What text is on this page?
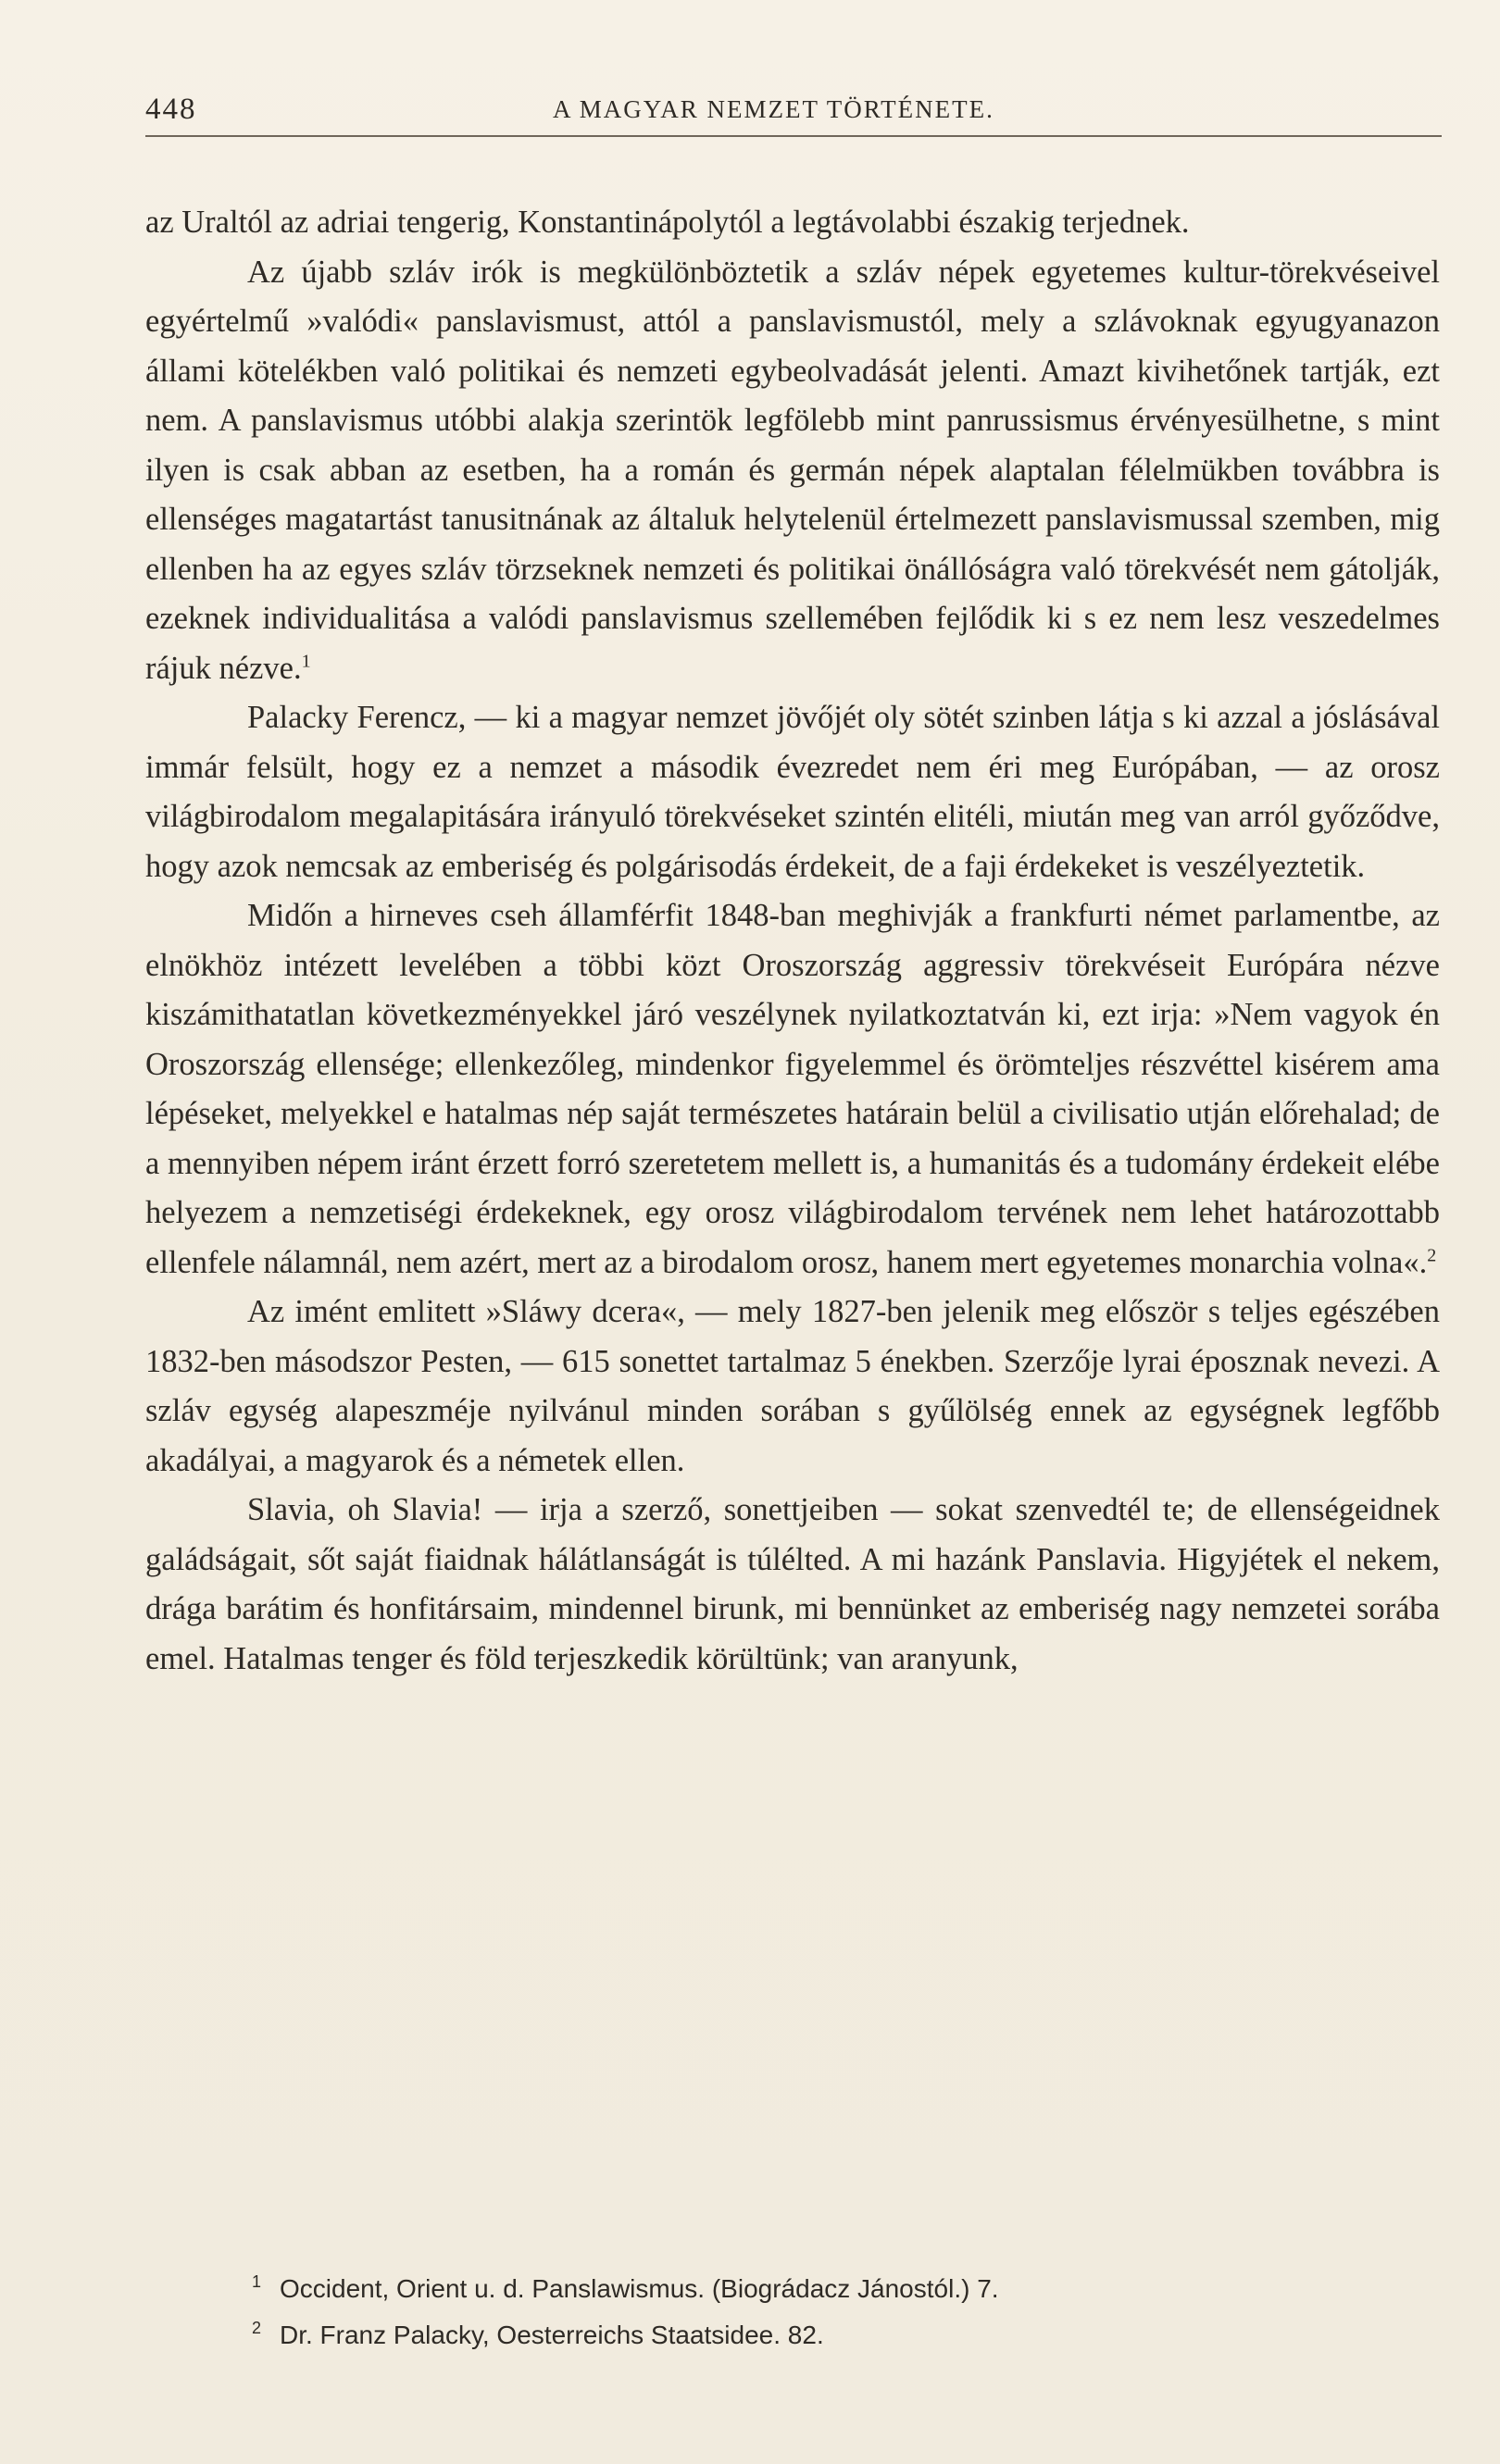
448	A MAGYAR NEMZET TÖRTÉNETE.

az Uraltól az adriai tengerig, Konstantinápolytól a legtávolabbi északig terjednek.

Az újabb szláv irók is megkülönböztetik a szláv népek egyetemes kultur-törekvéseivel egyértelmű »valódi« panslavismust, attól a panslavismustól, mely a szlávoknak egyugyanazon állami kötelékben való politikai és nemzeti egybeolvadását jelenti. Amazt kivihetőnek tartják, ezt nem. A panslavismus utóbbi alakja szerintök legfölebb mint panrussismus érvényesülhetne, s mint ilyen is csak abban az esetben, ha a román és germán népek alaptalan félelmükben továbbra is ellenséges magatartást tanusitnának az általuk helytelenül értelmezett panslavismussal szemben, mig ellenben ha az egyes szláv törzseknek nemzeti és politikai önállóságra való törekvését nem gátolják, ezeknek individualitása a valódi panslavismus szellemében fejlődik ki s ez nem lesz veszedelmes rájuk nézve.$^1$

Palacky Ferencz, — ki a magyar nemzet jövőjét oly sötét szinben látja s ki azzal a jóslásával immár felsült, hogy ez a nemzet a második évezredet nem éri meg Európában, — az orosz világbirodalom megalapitására irányuló törekvéseket szintén elitéli, miután meg van arról győződve, hogy azok nemcsak az emberiség és polgárisodás érdekeit, de a faji érdekeket is veszélyeztetik.

Midőn a hirneves cseh államférfit 1848-ban meghivják a frankfurti német parlamentbe, az elnökhöz intézett levelében a többi közt Oroszország aggressiv törekvéseit Európára nézve kiszámithatatlan következményekkel járó veszélynek nyilatkoztatván ki, ezt irja: »Nem vagyok én Oroszország ellensége; ellenkezőleg, mindenkor figyelemmel és örömteljes részvéttel kisérem ama lépéseket, melyekkel e hatalmas nép saját természetes határain belül a civilisatio utján előrehalad; de a mennyiben népem iránt érzett forró szeretetem mellett is, a humanitás és a tudomány érdekeit elébe helyezem a nemzetiségi érdekeknek, egy orosz világbirodalom tervének nem lehet határozottabb ellenfele nálamnál, nem azért, mert az a birodalom orosz, hanem mert egyetemes monarchia volna«.$^2$

Az imént emlitett »Sláwy dcera«, — mely 1827-ben jelenik meg először s teljes egészében 1832-ben másodszor Pesten, — 615 sonettet tartalmaz 5 énekben. Szerzője lyrai éposznak nevezi. A szláv egység alapeszméje nyilvánul minden sorában s gyűlölség ennek az egységnek legfőbb akadályai, a magyarok és a németek ellen.

Slavia, oh Slavia! — irja a szerző, sonettjeiben — sokat szenvedtél te; de ellenségeidnek galádságait, sőt saját fiaidnak hálátlanságát is túlélted. A mi hazánk Panslavia. Higyjétek el nekem, drága barátim és honfitársaim, mindennel birunk, mi bennünket az emberiség nagy nemzetei sorába emel. Hatalmas tenger és föld terjeszkedik körültünk; van aranyunk,

1 Occident, Orient u. d. Panslawismus. (Biográdacz Jánostól.) 7.
2 Dr. Franz Palacky, Oesterreichs Staatsidee. 82.
